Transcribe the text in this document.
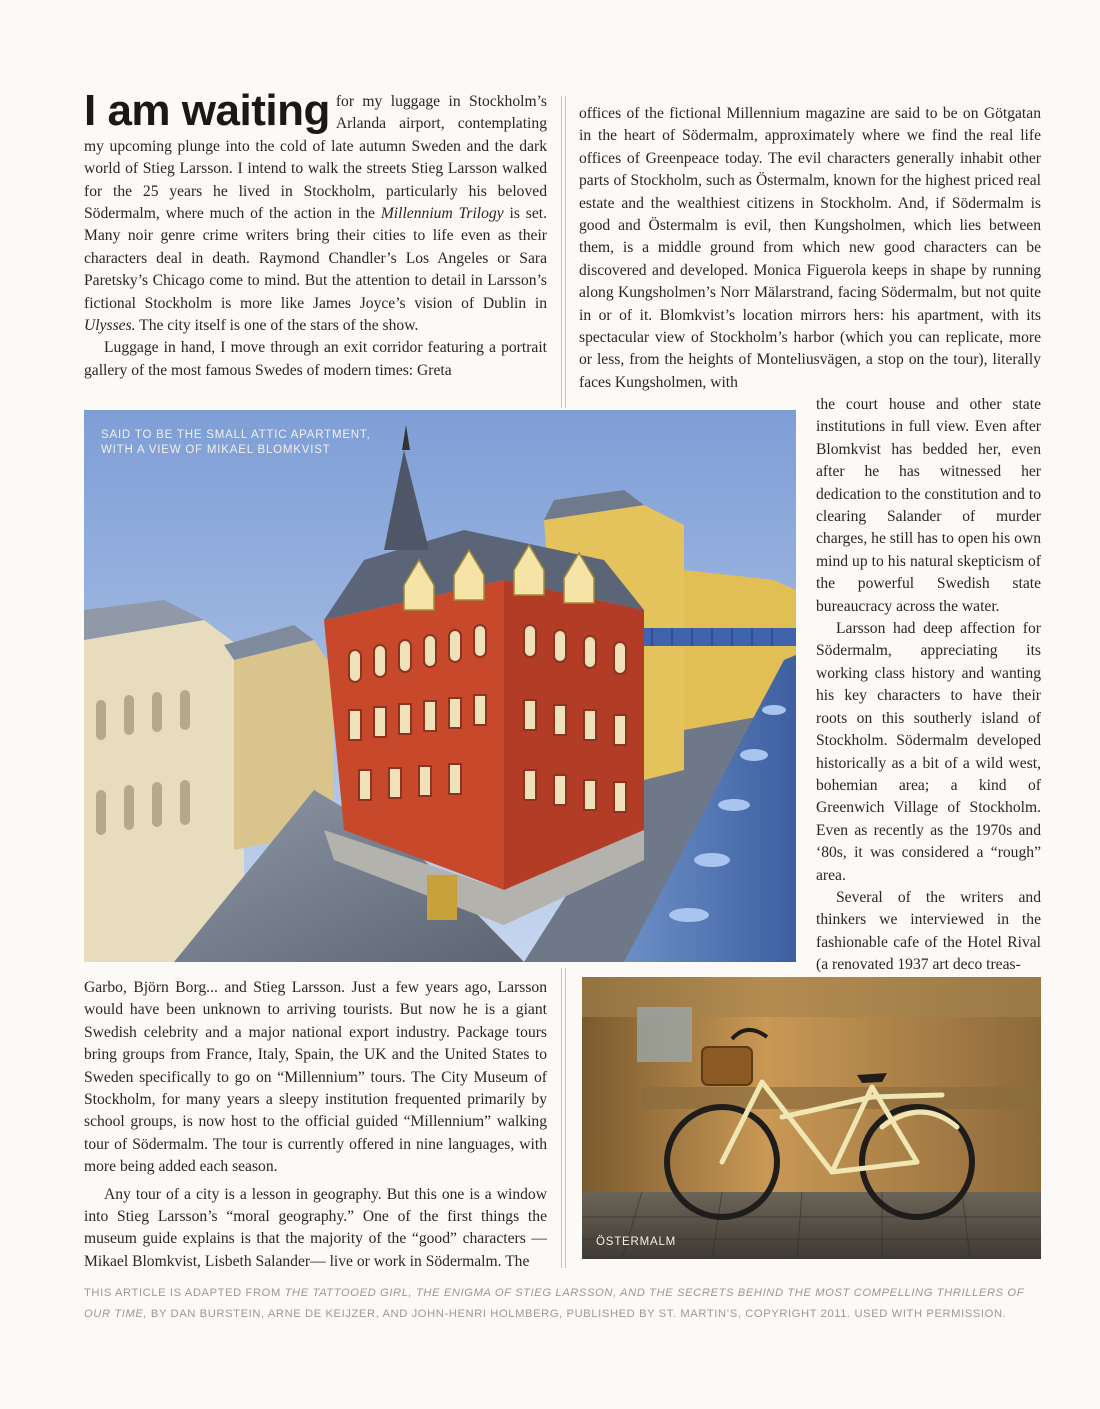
I am waiting for my luggage in Stockholm’s Arlanda airport, contemplating my upcoming plunge into the cold of late autumn Sweden and the dark world of Stieg Larsson. I intend to walk the streets Stieg Larsson walked for the 25 years he lived in Stockholm, particularly his beloved Södermalm, where much of the action in the Millennium Trilogy is set. Many noir genre crime writers bring their cities to life even as their characters deal in death. Raymond Chandler’s Los Angeles or Sara Paretsky’s Chicago come to mind. But the attention to detail in Larsson’s fictional Stockholm is more like James Joyce’s vision of Dublin in Ulysses. The city itself is one of the stars of the show.

Luggage in hand, I move through an exit corridor featuring a portrait gallery of the most famous Swedes of modern times: Greta

offices of the fictional Millennium magazine are said to be on Götgatan in the heart of Södermalm, approximately where we find the real life offices of Greenpeace today. The evil characters generally inhabit other parts of Stockholm, such as Östermalm, known for the highest priced real estate and the wealthiest citizens in Stockholm. And, if Södermalm is good and Östermalm is evil, then Kungsholmen, which lies between them, is a middle ground from which new good characters can be discovered and developed. Monica Figuerola keeps in shape by running along Kungsholmen’s Norr Mälarstrand, facing Södermalm, but not quite in or of it. Blomkvist’s location mirrors hers: his apartment, with its spectacular view of Stockholm’s harbor (which you can replicate, more or less, from the heights of Monteliusvägen, a stop on the tour), literally faces Kungsholmen, with

SAID TO BE THE SMALL ATTIC APARTMENT,
WITH A VIEW OF MIKAEL BLOMKVIST

the court house and other state institutions in full view. Even after Blomkvist has bedded her, even after he has witnessed her dedication to the constitution and to clearing Salander of murder charges, he still has to open his own mind up to his natural skepticism of the powerful Swedish state bureaucracy across the water.

Larsson had deep affection for Södermalm, appreciating its working class history and wanting his key characters to have their roots on this southerly island of Stockholm. Södermalm developed historically as a bit of a wild west, bohemian area; a kind of Greenwich Village of Stockholm. Even as recently as the 1970s and ‘80s, it was considered a “rough” area.

Several of the writers and thinkers we interviewed in the fashionable cafe of the Hotel Rival (a renovated 1937 art deco treas-

Garbo, Björn Borg... and Stieg Larsson. Just a few years ago, Larsson would have been unknown to arriving tourists. But now he is a giant Swedish celebrity and a major national export industry. Package tours bring groups from France, Italy, Spain, the UK and the United States to Sweden specifically to go on “Millennium” tours. The City Museum of Stockholm, for many years a sleepy institution frequented primarily by school groups, is now host to the official guided “Millennium” walking tour of Södermalm. The tour is currently offered in nine languages, with more being added each season.

Any tour of a city is a lesson in geography. But this one is a window into Stieg Larsson’s “moral geography.” One of the first things the museum guide explains is that the majority of the “good” characters — Mikael Blomkvist, Lisbeth Salander— live or work in Södermalm. The

ÖSTERMALM
THIS ARTICLE IS ADAPTED FROM THE TATTOOED GIRL, THE ENIGMA OF STIEG LARSSON, AND THE SECRETS BEHIND THE MOST COMPELLING THRILLERS OF OUR TIME, BY DAN BURSTEIN, ARNE DE KEIJZER, AND JOHN-HENRI HOLMBERG, PUBLISHED BY ST. MARTIN’S, COPYRIGHT 2011. USED WITH PERMISSION.
